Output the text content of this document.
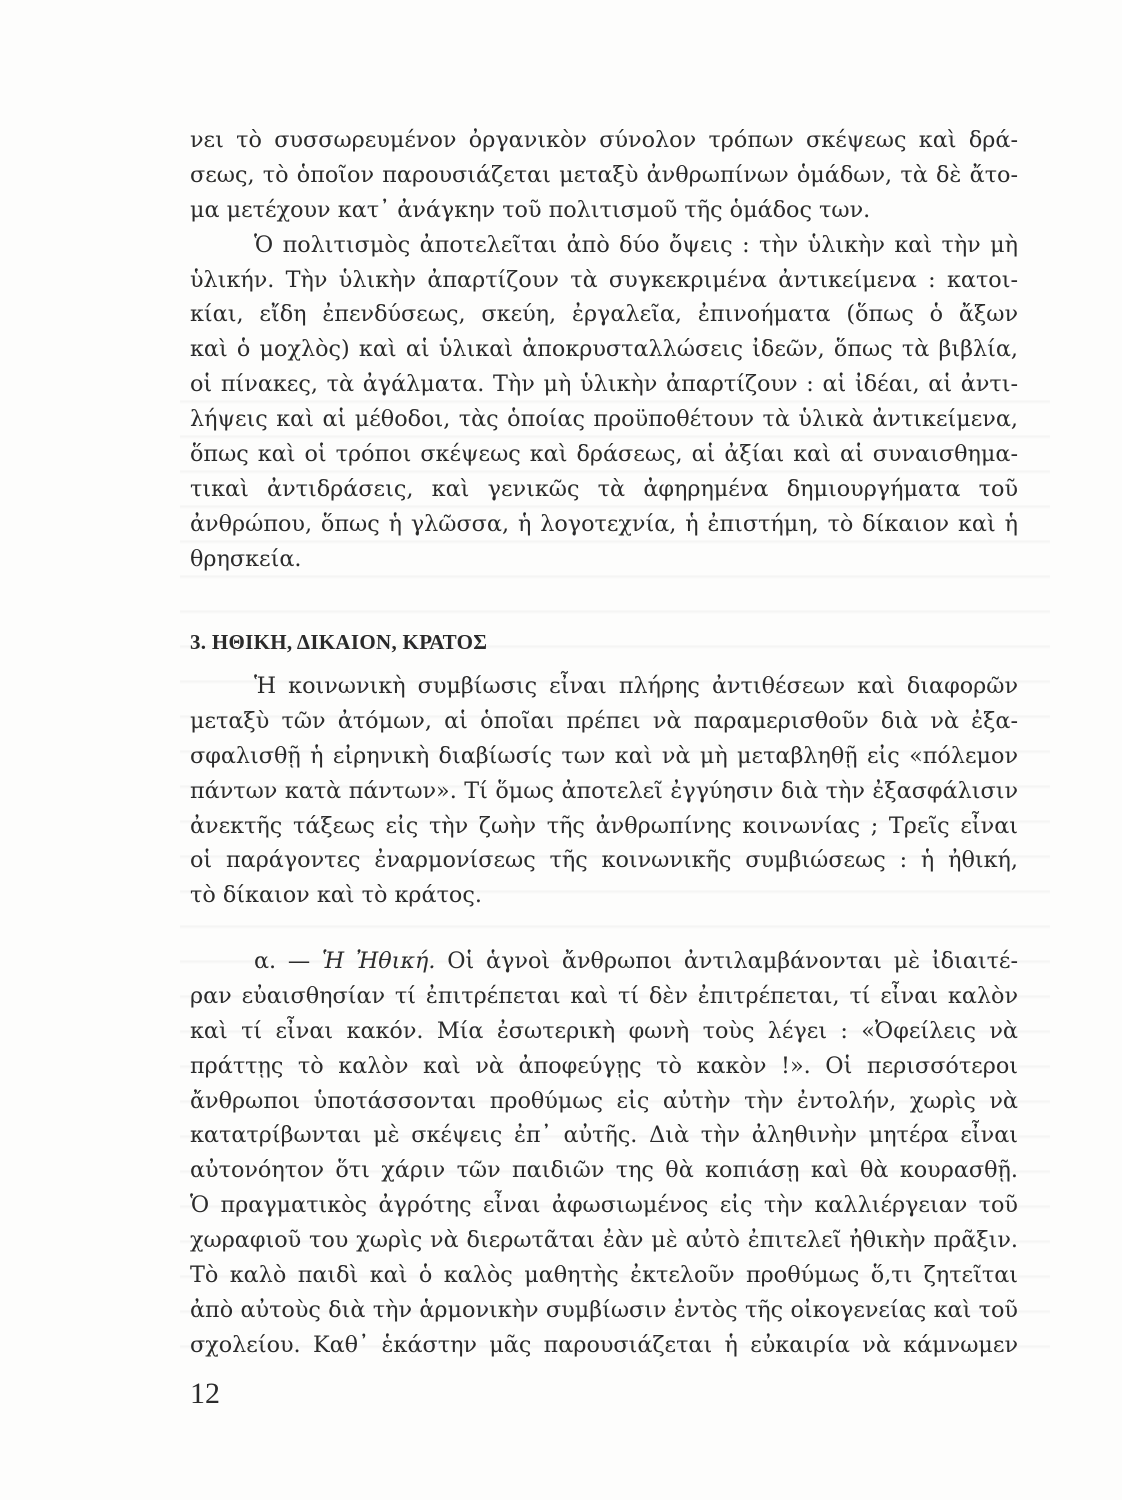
νει τὸ συσσωρευμένον ὀργανικὸν σύνολον τρόπων σκέψεως καὶ δρά-
σεως, τὸ ὁποῖον παρουσιάζεται μεταξὺ ἀνθρωπίνων ὁμάδων, τὰ δὲ ἄτο-
μα μετέχουν κατ᾿ ἀνάγκην τοῦ πολιτισμοῦ τῆς ὁμάδος των.
Ὁ πολιτισμὸς ἀποτελεῖται ἀπὸ δύο ὄψεις : τὴν ὑλικὴν καὶ τὴν μὴ
ὑλικήν. Τὴν ὑλικὴν ἀπαρτίζουν τὰ συγκεκριμένα ἀντικείμενα : κατοι-
κίαι, εἴδη ἐπενδύσεως, σκεύη, ἐργαλεῖα, ἐπινοήματα (ὅπως ὁ ἄξων
καὶ ὁ μοχλὸς) καὶ αἱ ὑλικαὶ ἀποκρυσταλλώσεις ἰδεῶν, ὅπως τὰ βιβλία,
οἱ πίνακες, τὰ ἀγάλματα. Τὴν μὴ ὑλικὴν ἀπαρτίζουν : αἱ ἰδέαι, αἱ ἀντι-
λήψεις καὶ αἱ μέθοδοι, τὰς ὁποίας προϋποθέτουν τὰ ὑλικὰ ἀντικείμενα,
ὅπως καὶ οἱ τρόποι σκέψεως καὶ δράσεως, αἱ ἀξίαι καὶ αἱ συναισθημα-
τικαὶ ἀντιδράσεις, καὶ γενικῶς τὰ ἀφηρημένα δημιουργήματα τοῦ
ἀνθρώπου, ὅπως ἡ γλῶσσα, ἡ λογοτεχνία, ἡ ἐπιστήμη, τὸ δίκαιον καὶ ἡ
θρησκεία.
3. ΗΘΙΚΗ, ΔΙΚΑΙΟΝ, ΚΡΑΤΟΣ
Ἡ κοινωνικὴ συμβίωσις εἶναι πλήρης ἀντιθέσεων καὶ διαφορῶν
μεταξὺ τῶν ἀτόμων, αἱ ὁποῖαι πρέπει νὰ παραμερισθοῦν διὰ νὰ ἐξα-
σφαλισθῇ ἡ εἰρηνικὴ διαβίωσίς των καὶ νὰ μὴ μεταβληθῇ εἰς «πόλεμον
πάντων κατὰ πάντων». Τί ὅμως ἀποτελεῖ ἐγγύησιν διὰ τὴν ἐξασφάλισιν
ἀνεκτῆς τάξεως εἰς τὴν ζωὴν τῆς ἀνθρωπίνης κοινωνίας ; Τρεῖς εἶναι
οἱ παράγοντες ἐναρμονίσεως τῆς κοινωνικῆς συμβιώσεως : ἡ ἠθική,
τὸ δίκαιον καὶ τὸ κράτος.
α. — Ἡ Ἠθική. Οἱ ἁγνοὶ ἄνθρωποι ἀντιλαμβάνονται μὲ ἰδιαιτέ-
ραν εὐαισθησίαν τί ἐπιτρέπεται καὶ τί δὲν ἐπιτρέπεται, τί εἶναι καλὸν
καὶ τί εἶναι κακόν. Μία ἐσωτερικὴ φωνὴ τοὺς λέγει : «Ὀφείλεις νὰ
πράττῃς τὸ καλὸν καὶ νὰ ἀποφεύγῃς τὸ κακὸν !». Οἱ περισσότεροι
ἄνθρωποι ὑποτάσσονται προθύμως εἰς αὐτὴν τὴν ἐντολήν, χωρὶς νὰ
κατατρίβωνται μὲ σκέψεις ἐπ᾿ αὐτῆς. Διὰ τὴν ἀληθινὴν μητέρα εἶναι
αὐτονόητον ὅτι χάριν τῶν παιδιῶν της θὰ κοπιάσῃ καὶ θὰ κουρασθῇ.
Ὁ πραγματικὸς ἀγρότης εἶναι ἀφωσιωμένος εἰς τὴν καλλιέργειαν τοῦ
χωραφιοῦ του χωρὶς νὰ διερωτᾶται ἐὰν μὲ αὐτὸ ἐπιτελεῖ ἠθικὴν πρᾶξιν.
Τὸ καλὸ παιδὶ καὶ ὁ καλὸς μαθητὴς ἐκτελοῦν προθύμως ὅ,τι ζητεῖται
ἀπὸ αὐτοὺς διὰ τὴν ἁρμονικὴν συμβίωσιν ἐντὸς τῆς οἰκογενείας καὶ τοῦ
σχολείου. Καθ᾿ ἑκάστην μᾶς παρουσιάζεται ἡ εὐκαιρία νὰ κάμνωμεν
12
